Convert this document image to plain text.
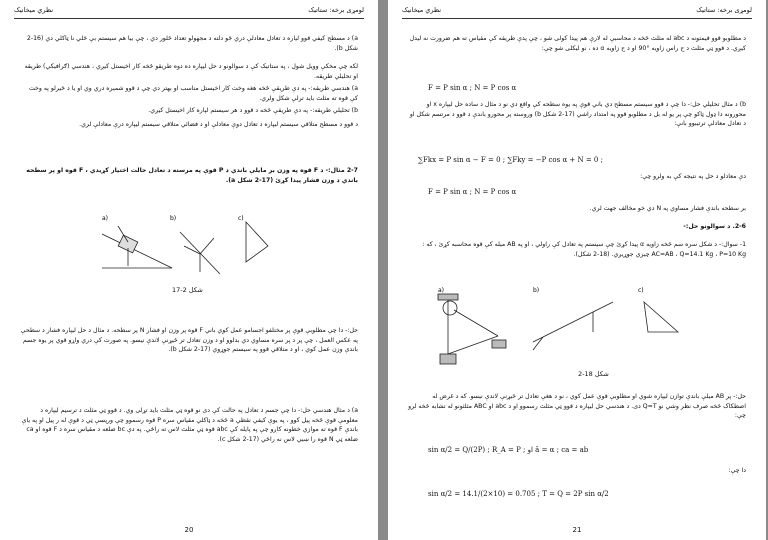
نظري ميخانيک	لومړی برخه: ستاتيک
a) د مسطح کيفي قوو لياره د تعادل معادلې دري ځو دلته د مجهولو تعداد څلور دي ، چې بيا هم سيستم بې ځلي نا ټاکلي دي (16-2 شکل b).
لکه چې مخکې وويل شول ، په ستاتيک کې د سوالونو د حل ليپاره ده دوه طريقو څخه کار اخيستل کيږي ، هندسي (ګرافيکي) طريقه او تحليلي طريقه.
a) هندسي طريقه:- په دې طريقې څخه هغه وخت کار اخيستل مناسب او بهتر دي چې د قوو شميره دري وي او يا د ځيرلو په وخت کې قوه ته مثلث بايد ترلې شکل ولري.
b) تحليلي طريقه:- په دې طريقې څخه د قوو د هر سيستم لپاره کار اخيستل کيږي.
د قوو د مسطح متلاقي سيستم ليپاره د تعادل دوې معادلې او د فضائي متلاقي سيستم ليپاره درې معادلې لري.
2-7 مثال:- د F قوه په وزن بر مايلې باندي د P قوې په مرسته د تعادل حالت اختيار کړيدي ، F قوه او پر سطحه باندي د وزن فشار پيدا کړئ (17-2 شکل a).
a)	b)	c)
شکل 2-17
حل:- دا چې مطلوبې قوې پر مختلفو اجسامو عمل کوي باني F قوه پر وزن او فشار N پر سطحه. د مثال د حل ليپاره فشار د سطحې په عکس العمل ، چې پر د پر سره مساوي دي بدلوو او د وزن تعادل تر څيړنې لاندې نيسو. په صورت کې دري واړو قوي پر يوه جسم باندې وزن عمل کوي ، او د متلاقي قوو په سيستم جوړوي (17-2 شکل b).
a) د مثال هندسي حل:- دا چې جسم د تعادل په حالت کې دی نو قوه ټي مثلث بايد تړلی وي. د قوو ټي مثلث د ترسيم ليپاره د معلومې قوې څخه پيل کوو ، په يوې کيفي نقطي a څخه د ټاکلي مقياس سره P قوه رسموو چې ورپسې ټي د قوې له ر پيل او په ياې باندې F قوه ته موازي خطونه کاږو چې په پايله کې abc قوه ټي مثلث لاس ته راځي. په دې bc ضلعه د مقياس سره د F قوه او ca ضلعه ټي N قوه را ښيي لاس نه راځي (17-2 شکل c).
20
نظري ميخانيک	لومړی برخه: ستاتيک
د مطلوبو قوو قيمتونه د abc له مثلث څخه د محاسبې له لارې هم پيدا کولی شو ، چې پدې طريقه کې مقياس ته هم ضرورت نه ليدل کيږي. د قوو ټي مثلث د ح راس زاويه °90 او د ح زاويه α ده ، نو ليکلی شو چې:
F = P sin α ; N = P cos α
b) د مثال تحليلي حل:- دا چې د قوو سيستم مسطح دي باني قوې په يوه سطحه کې واقع دي نو د مثال د ساده حل ليپاره x او محورونه دا ډول ټاکو چې پر يو له بل د مطلوبو قوو په امتداد راشي (17-2 شکل b) وروسته پر محورو باندې د قوو د مرتسم شکل او د تعادل معادلې ترتيبوو بانې:
∑Fkx = P sin α − F = 0 ; ∑Fky = −P cos α + N = 0 ;
دې معادلو د حل په نتيجه کې به ولرو چې:
F = P sin α ; N = P cos α
بر سطحه باندې فشار مساوي په N دي خو مخالف جهت لري.
2-6. د سوالونو حل:-
1- سوال:- د شکل سره سم څخه زاويه α پيدا کړئ چې سيستم په تعادل کې راولي ، او په AB ميله کې قوه محاسبه کړئ ، که : AC=AB ، Q=14.1 Kg ، P=10 Kg چيري جوړيږي. (18-2 شکل).
a)	b)	c)
شکل 18-2
حل:- پر AB ميلې باندې توازن ليپاره شوي او مطلوبې قوې عمل کوي ، نو د هغې تعادل تر څيړنې لاندې نيسو. که د غرض له اصطکاک څخه صرف نظر وشي نو Q=T دی. د هندسي حل ليپاره د قوو ټي مثلث رسموو او د abc او ABC مثلثونو له تشابه څخه لرو چې:
sin α/2 = Q/(2P) ; R_A = P ; او â = α ; ca = ab
دا چې:
sin α/2 = 14.1/(2×10) = 0.705 ; T = Q = 2P sin α/2
21
